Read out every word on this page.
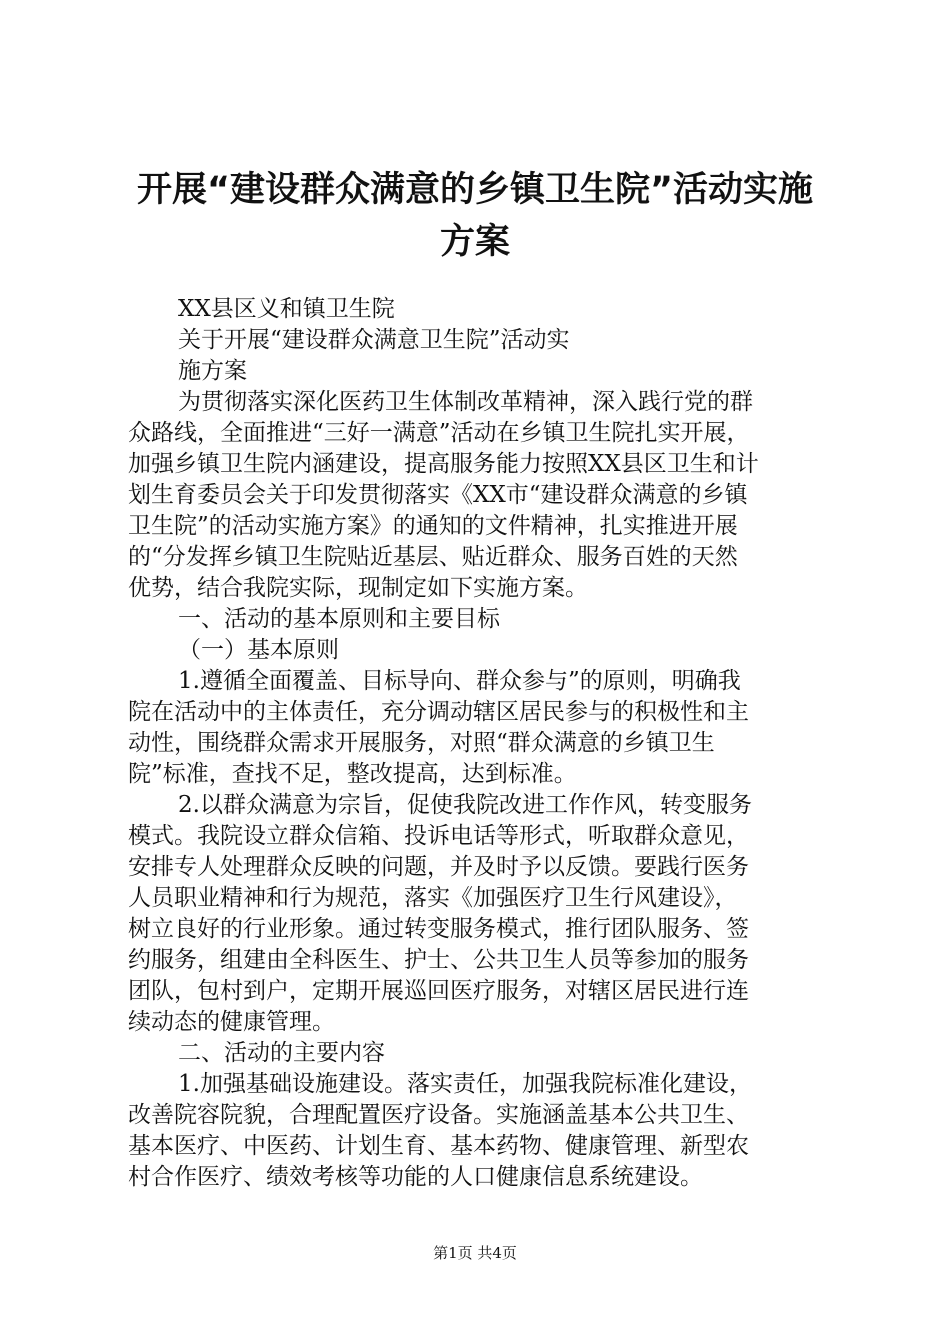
开展“建设群众满意的乡镇卫生院”活动实施
方案
XX县区义和镇卫生院
关于开展“建设群众满意卫生院”活动实
施方案
为贯彻落实深化医药卫生体制改革精神，深入践行党的群
众路线，全面推进“三好一满意”活动在乡镇卫生院扎实开展，
加强乡镇卫生院内涵建设，提高服务能力按照XX县区卫生和计
划生育委员会关于印发贯彻落实《XX市“建设群众满意的乡镇
卫生院”的活动实施方案》的通知的文件精神，扎实推进开展
的“分发挥乡镇卫生院贴近基层、贴近群众、服务百姓的天然
优势，结合我院实际，现制定如下实施方案。
一、活动的基本原则和主要目标
（一）基本原则
1.遵循全面覆盖、目标导向、群众参与”的原则，明确我
院在活动中的主体责任，充分调动辖区居民参与的积极性和主
动性，围绕群众需求开展服务，对照“群众满意的乡镇卫生
院”标准，查找不足，整改提高，达到标准。
2.以群众满意为宗旨，促使我院改进工作作风，转变服务
模式。我院设立群众信箱、投诉电话等形式，听取群众意见，
安排专人处理群众反映的问题，并及时予以反馈。要践行医务
人员职业精神和行为规范，落实《加强医疗卫生行风建设》，
树立良好的行业形象。通过转变服务模式，推行团队服务、签
约服务，组建由全科医生、护士、公共卫生人员等参加的服务
团队，包村到户，定期开展巡回医疗服务，对辖区居民进行连
续动态的健康管理。
二、活动的主要内容
1.加强基础设施建设。落实责任，加强我院标准化建设，
改善院容院貌，合理配置医疗设备。实施涵盖基本公共卫生、
基本医疗、中医药、计划生育、基本药物、健康管理、新型农
村合作医疗、绩效考核等功能的人口健康信息系统建设。
第1页 共4页
